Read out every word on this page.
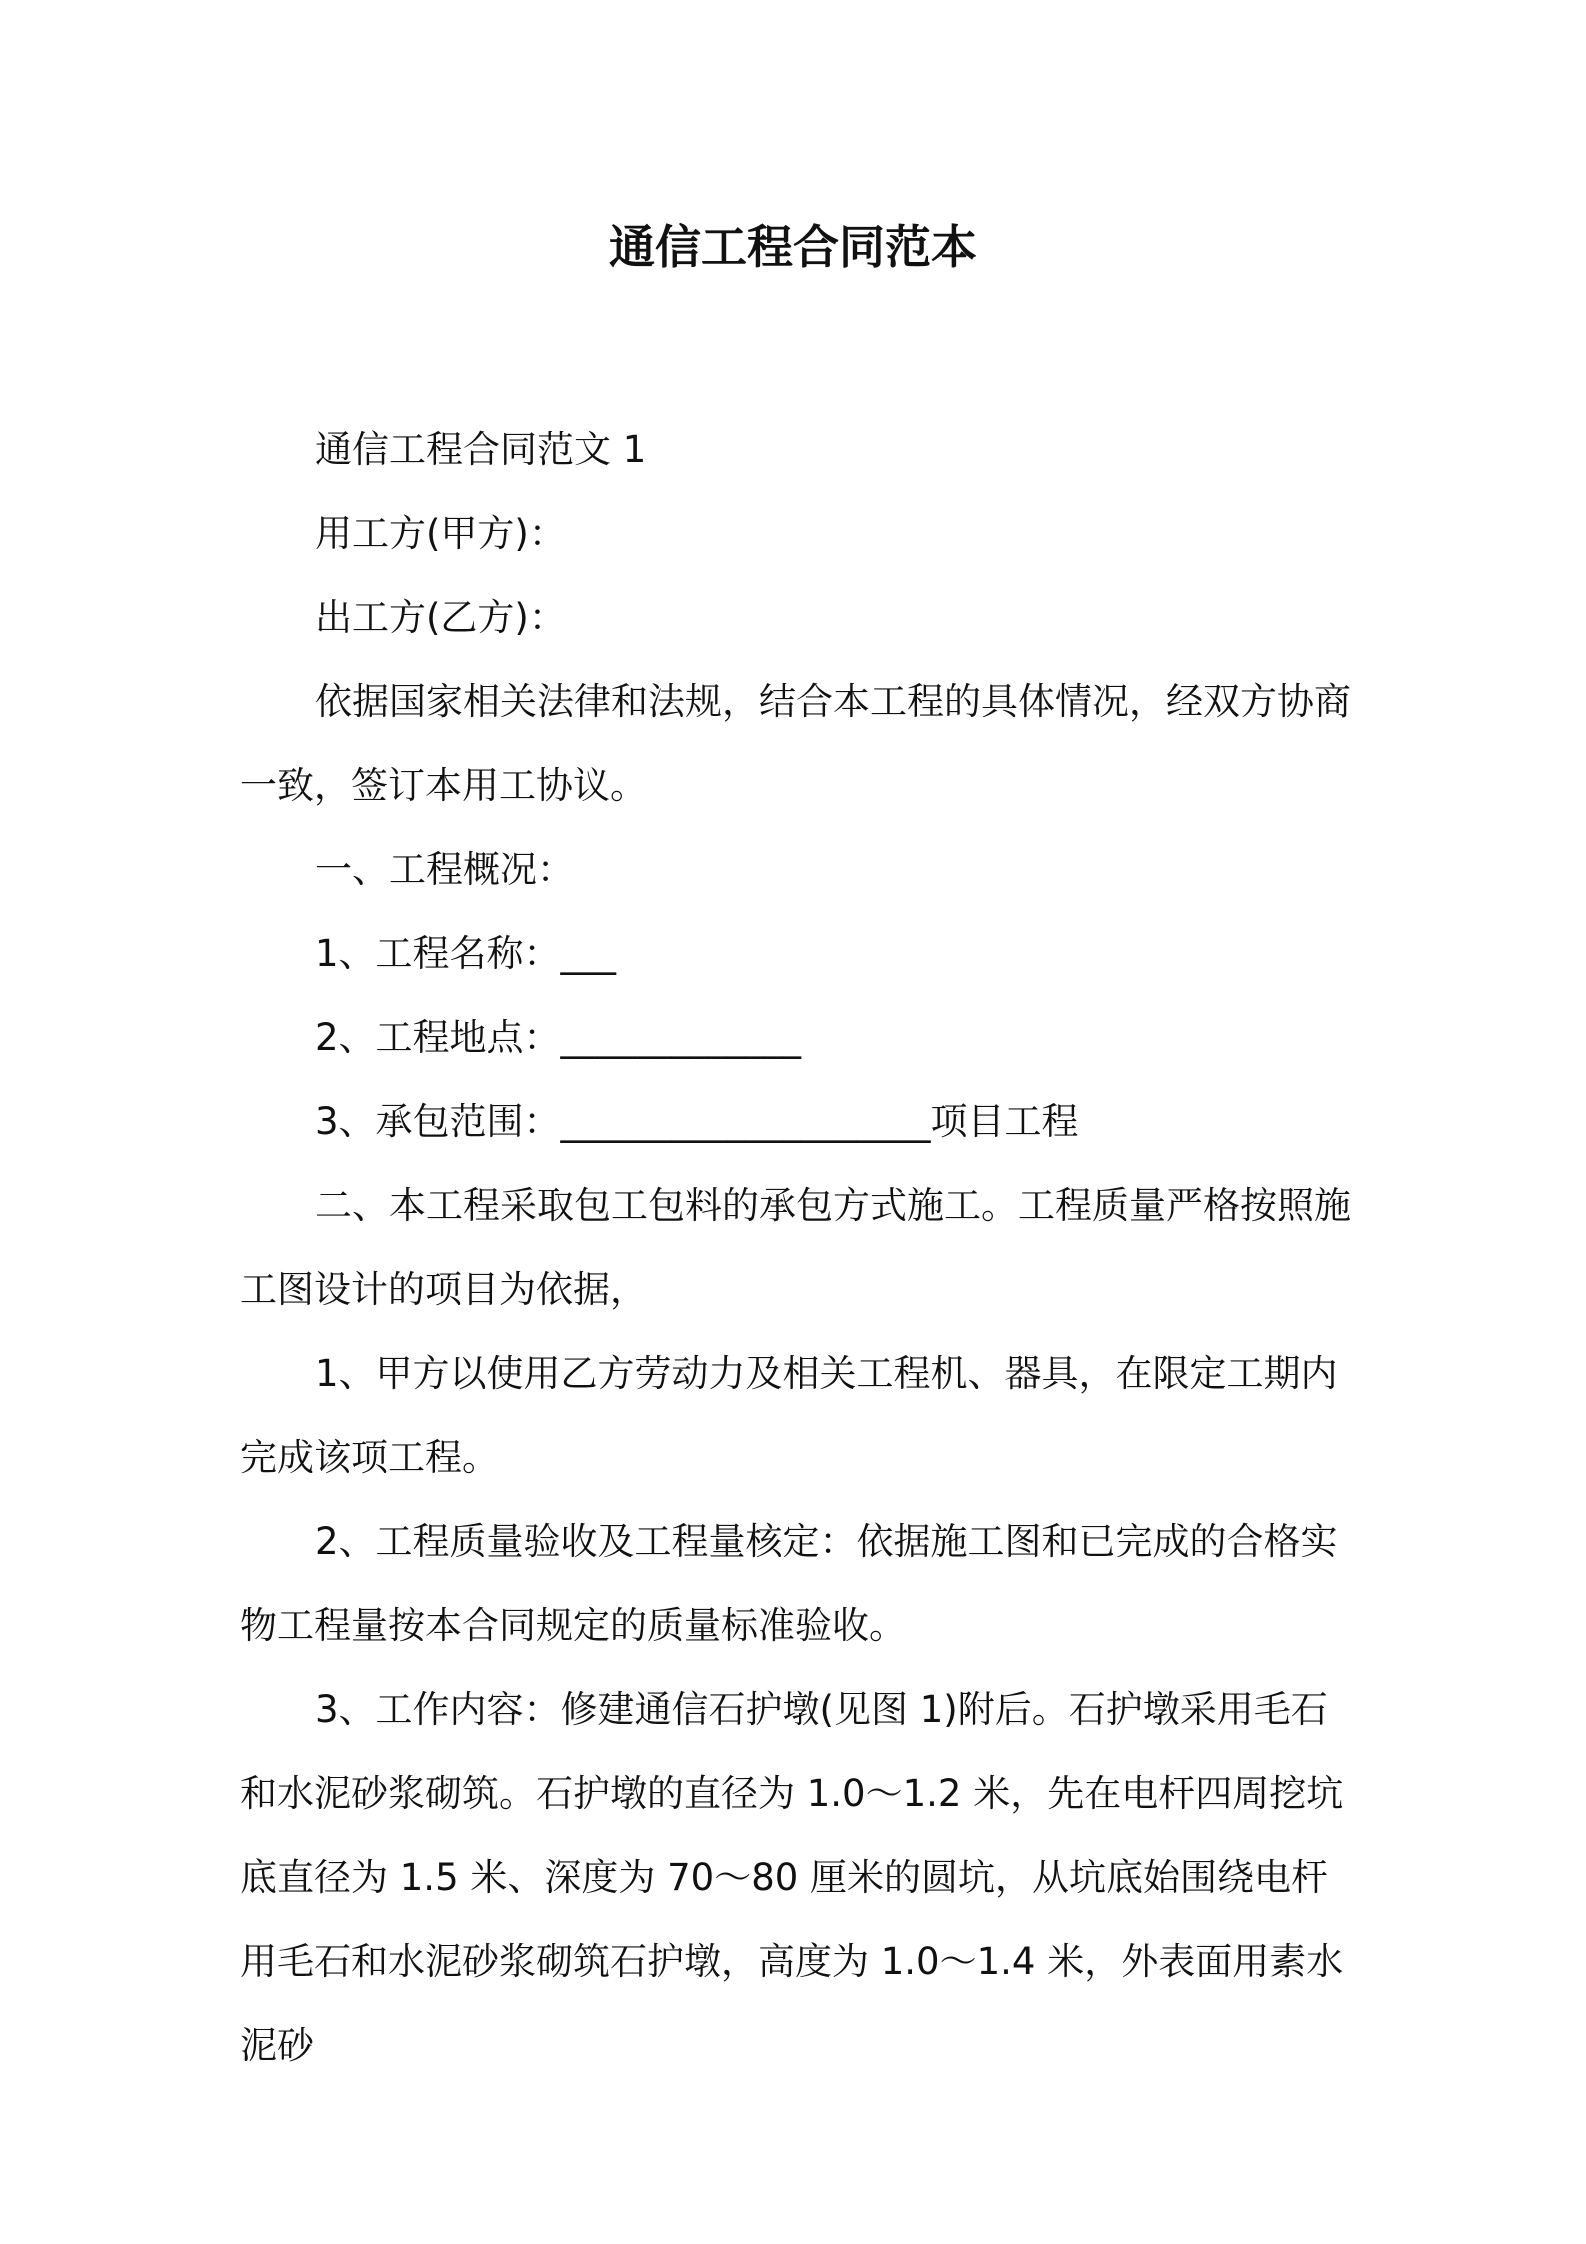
通信工程合同范本

通信工程合同范文 1

用工方(甲方)：

出工方(乙方)：

依据国家相关法律和法规，结合本工程的具体情况，经双方协商一致，签订本用工协议。

一、工程概况：

1、工程名称：___

2、工程地点：_____________

3、承包范围：____________________项目工程

二、本工程采取包工包料的承包方式施工。工程质量严格按照施工图设计的项目为依据，

1、甲方以使用乙方劳动力及相关工程机、器具，在限定工期内完成该项工程。

2、工程质量验收及工程量核定：依据施工图和已完成的合格实物工程量按本合同规定的质量标准验收。

3、工作内容：修建通信石护墩(见图 1)附后。石护墩采用毛石和水泥砂浆砌筑。石护墩的直径为 1.0～1.2 米，先在电杆四周挖坑底直径为 1.5 米、深度为 70～80 厘米的圆坑，从坑底始围绕电杆用毛石和水泥砂浆砌筑石护墩，高度为 1.0～1.4 米，外表面用素水泥砂
